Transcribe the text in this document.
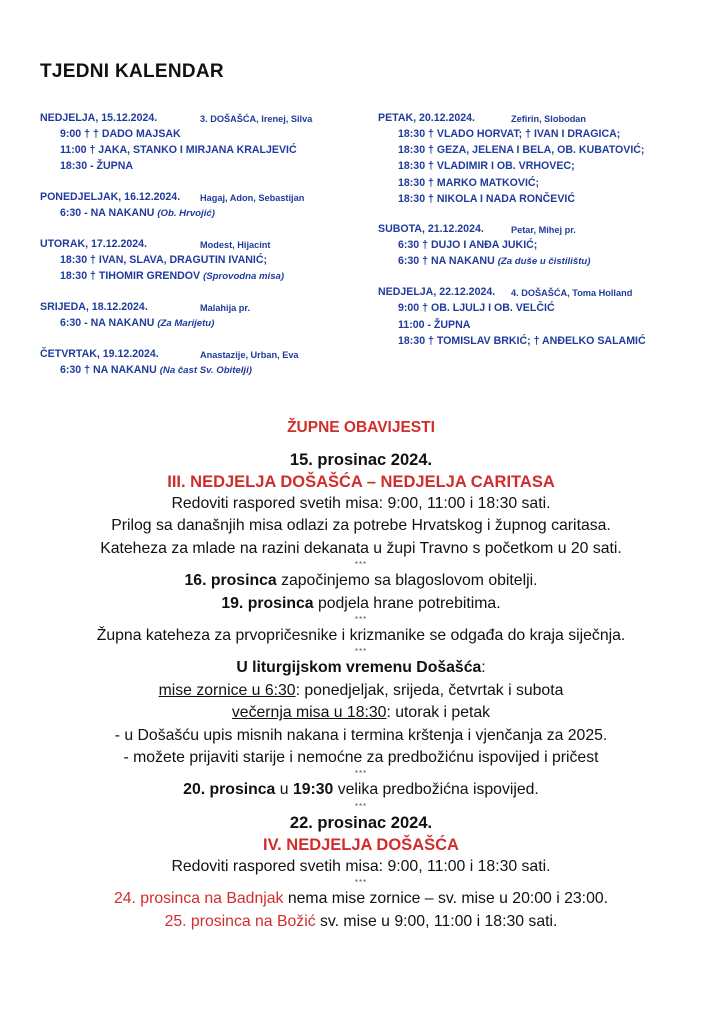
TJEDNI KALENDAR
NEDJELJA, 15.12.2024.	3. DOŠAŠĆA, Irenej, Silva
9:00 † † DADO MAJSAK
11:00 † JAKA, STANKO I MIRJANA KRALJEVIĆ
18:30 - ŽUPNA
PONEDJELJAK, 16.12.2024. Hagaj, Adon, Sebastijan
6:30 - NA NAKANU (Ob. Hrvojić)
UTORAK, 17.12.2024.	Modest, Hijacint
18:30 † IVAN, SLAVA, DRAGUTIN IVANIĆ;
18:30 † TIHOMIR GRENDOV (Sprovodna misa)
SRIJEDA, 18.12.2024.	Malahija pr.
6:30 - NA NAKANU (Za Marijetu)
ČETVRTAK, 19.12.2024.	Anastazije, Urban, Eva
6:30 † NA NAKANU (Na čast Sv. Obitelji)
PETAK, 20.12.2024.	Zefirin, Slobodan
18:30 † VLADO HORVAT; † IVAN I DRAGICA;
18:30 † GEZA, JELENA I BELA, OB. KUBATOVIĆ;
18:30 † VLADIMIR I OB. VRHOVEC;
18:30 † MARKO MATKOVIĆ;
18:30 † NIKOLA I NADA RONČEVIĆ
SUBOTA, 21.12.2024.	Petar, Mihej pr.
6:30 † DUJO I ANĐA JUKIĆ;
6:30 † NA NAKANU (Za duše u čistilištu)
NEDJELJA, 22.12.2024. 4. DOŠAŠĆA, Toma Holland
9:00 † OB. LJULJ I OB. VELČIĆ
11:00 - ŽUPNA
18:30 † TOMISLAV BRKIĆ; † ANĐELKO SALAMIĆ
ŽUPNE OBAVIJESTI
15. prosinac 2024.
III. NEDJELJA DOŠAŠĆA – NEDJELJA CARITASA
Redoviti raspored svetih misa: 9:00, 11:00 i 18:30 sati.
Prilog sa današnjih misa odlazi za potrebe Hrvatskog i župnog caritasa.
Kateheza za mlade na razini dekanata u župi Travno s početkom u 20 sati.
***
16. prosinca započinjemo sa blagoslovom obitelji.
19. prosinca podjela hrane potrebitima.
***
Župna kateheza za prvopričesnike i krizmanike se odgađa do kraja siječnja.
***
U liturgijskom vremenu Došašća:
mise zornice u 6:30: ponedjeljak, srijeda, četvrtak i subota
večernja misa u 18:30: utorak i petak
- u Došašću upis misnih nakana i termina krštenja i vjenčanja za 2025.
- možete prijaviti starije i nemoćne za predbožićnu ispovijed i pričest
***
20. prosinca u 19:30 velika predbožićna ispovijed.
***
22. prosinac 2024.
IV. NEDJELJA DOŠAŠĆA
Redoviti raspored svetih misa: 9:00, 11:00 i 18:30 sati.
***
24. prosinca na Badnjak nema mise zornice – sv. mise u 20:00 i 23:00.
25. prosinca na Božić sv. mise u 9:00, 11:00 i 18:30 sati.
